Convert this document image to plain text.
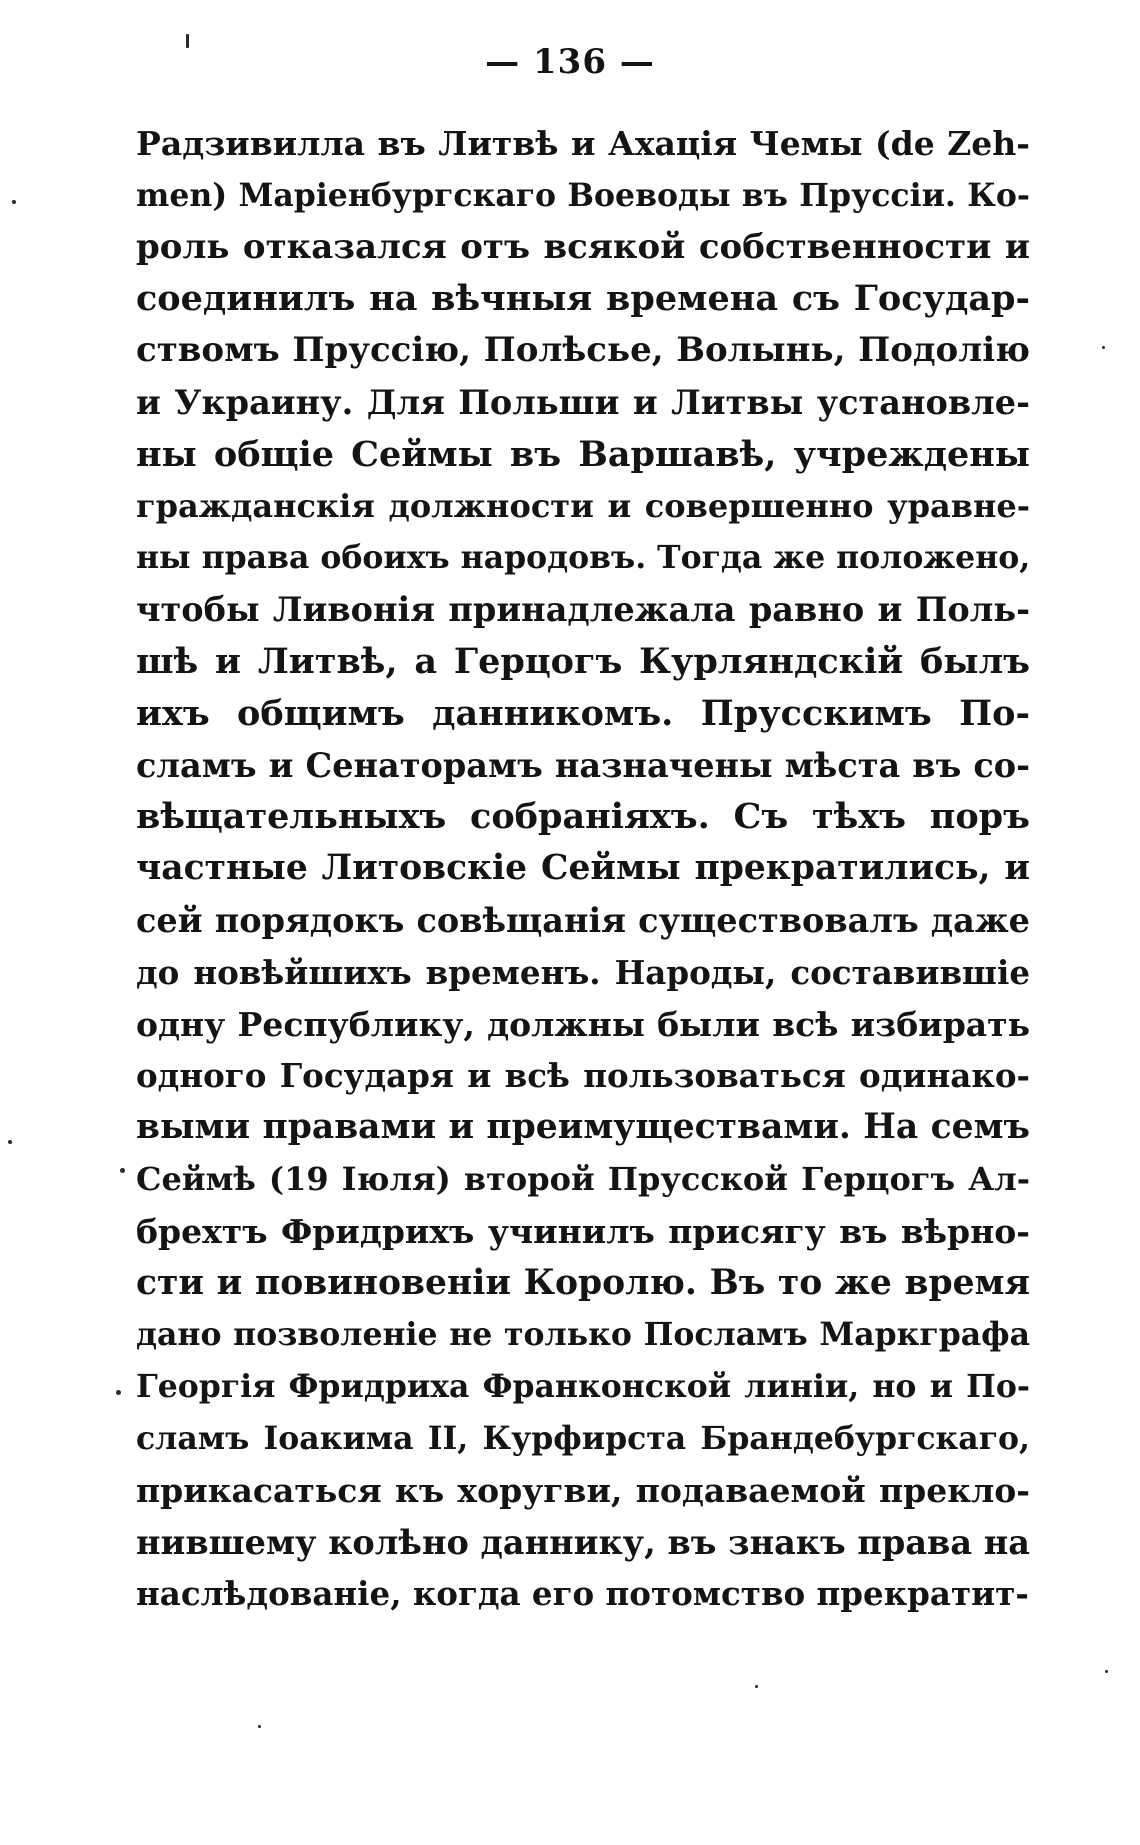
— 136 —
Радзивилла въ Литвѣ и Ахація Чемы (de Zeh-
men) Маріенбургскаго Воеводы въ Пруссіи. Ко-
роль отказался отъ всякой собственности и
соединилъ на вѣчныя времена съ Государ-
ствомъ Пруссію, Полѣсье, Волынь, Подолію
и Украину. Для Польши и Литвы установле-
ны общіе Сеймы въ Варшавѣ, учреждены
гражданскія должности и совершенно уравне-
ны права обоихъ народовъ. Тогда же положено,
чтобы Ливонія принадлежала равно и Поль-
шѣ и Литвѣ, а Герцогъ Курляндскій былъ
ихъ общимъ данникомъ. Прусскимъ По-
сламъ и Сенаторамъ назначены мѣста въ со-
вѣщательныхъ собраніяхъ. Съ тѣхъ поръ
частные Литовскіе Сеймы прекратились, и
сей порядокъ совѣщанія существовалъ даже
до новѣйшихъ временъ. Народы, составившіе
одну Республику, должны были всѣ избирать
одного Государя и всѣ пользоваться одинако-
выми правами и преимуществами. На семъ
Сеймѣ (19 Іюля) второй Прусской Герцогъ Ал-
брехтъ Фридрихъ учинилъ присягу въ вѣрно-
сти и повиновеніи Королю. Въ то же время
дано позволеніе не только Посламъ Маркграфа
Георгія Фридриха Франконской линіи, но и По-
сламъ Іоакима II, Курфирста Брандебургскаго,
прикасаться къ хоругви, подаваемой прекло-
нившему колѣно даннику, въ знакъ права на
наслѣдованіе, когда его потомство прекратит-
